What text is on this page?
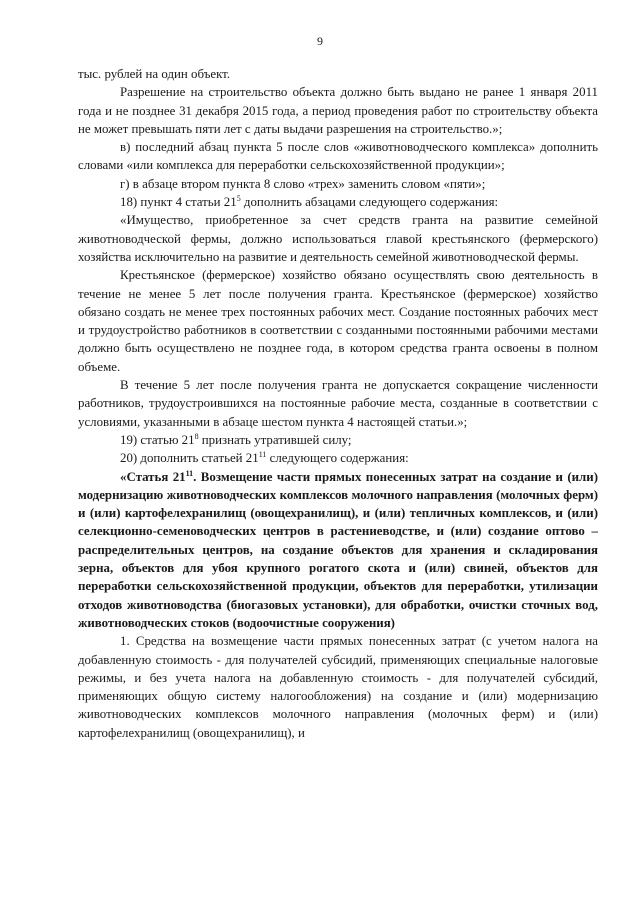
9

тыс. рублей на один объект.

Разрешение на строительство объекта должно быть выдано не ранее 1 января 2011 года и не позднее 31 декабря 2015 года, а период проведения работ по строительству объекта не может превышать пяти лет с даты выдачи разрешения на строительство.»;

в) последний абзац пункта 5 после слов «животноводческого комплекса» дополнить словами «или комплекса для переработки сельскохозяйственной продукции»;

г) в абзаце втором пункта 8 слово «трех» заменить словом «пяти»;

18) пункт 4 статьи $21^5$ дополнить абзацами следующего содержания:

«Имущество, приобретенное за счет средств гранта на развитие семейной животноводческой фермы, должно использоваться главой крестьянского (фермерского) хозяйства исключительно на развитие и деятельность семейной животноводческой фермы.

Крестьянское (фермерское) хозяйство обязано осуществлять свою деятельность в течение не менее 5 лет после получения гранта. Крестьянское (фермерское) хозяйство обязано создать не менее трех постоянных рабочих мест. Создание постоянных рабочих мест и трудоустройство работников в соответствии с созданными постоянными рабочими местами должно быть осуществлено не позднее года, в котором средства гранта освоены в полном объеме.

В течение 5 лет после получения гранта не допускается сокращение численности работников, трудоустроившихся на постоянные рабочие места, созданные в соответствии с условиями, указанными в абзаце шестом пункта 4 настоящей статьи.»;

19) статью $21^8$ признать утратившей силу;

20) дополнить статьей $21^{11}$ следующего содержания:

«Статья $21^{11}$. Возмещение части прямых понесенных затрат на создание и (или) модернизацию животноводческих комплексов молочного направления (молочных ферм) и (или) картофелехранилищ (овощехранилищ), и (или) тепличных комплексов, и (или) селекционно-семеноводческих центров в растениеводстве, и (или) создание оптово – распределительных центров, на создание объектов для хранения и складирования зерна, объектов для убоя крупного рогатого скота и (или) свиней, объектов для переработки сельскохозяйственной продукции, объектов для переработки, утилизации отходов животноводства (биогазовых установки), для обработки, очистки сточных вод, животноводческих стоков (водоочистные сооружения)

1. Средства на возмещение части прямых понесенных затрат (с учетом налога на добавленную стоимость - для получателей субсидий, применяющих специальные налоговые режимы, и без учета налога на добавленную стоимость - для получателей субсидий, применяющих общую систему налогообложения) на создание и (или) модернизацию животноводческих комплексов молочного направления (молочных ферм) и (или) картофелехранилищ (овощехранилищ), и
